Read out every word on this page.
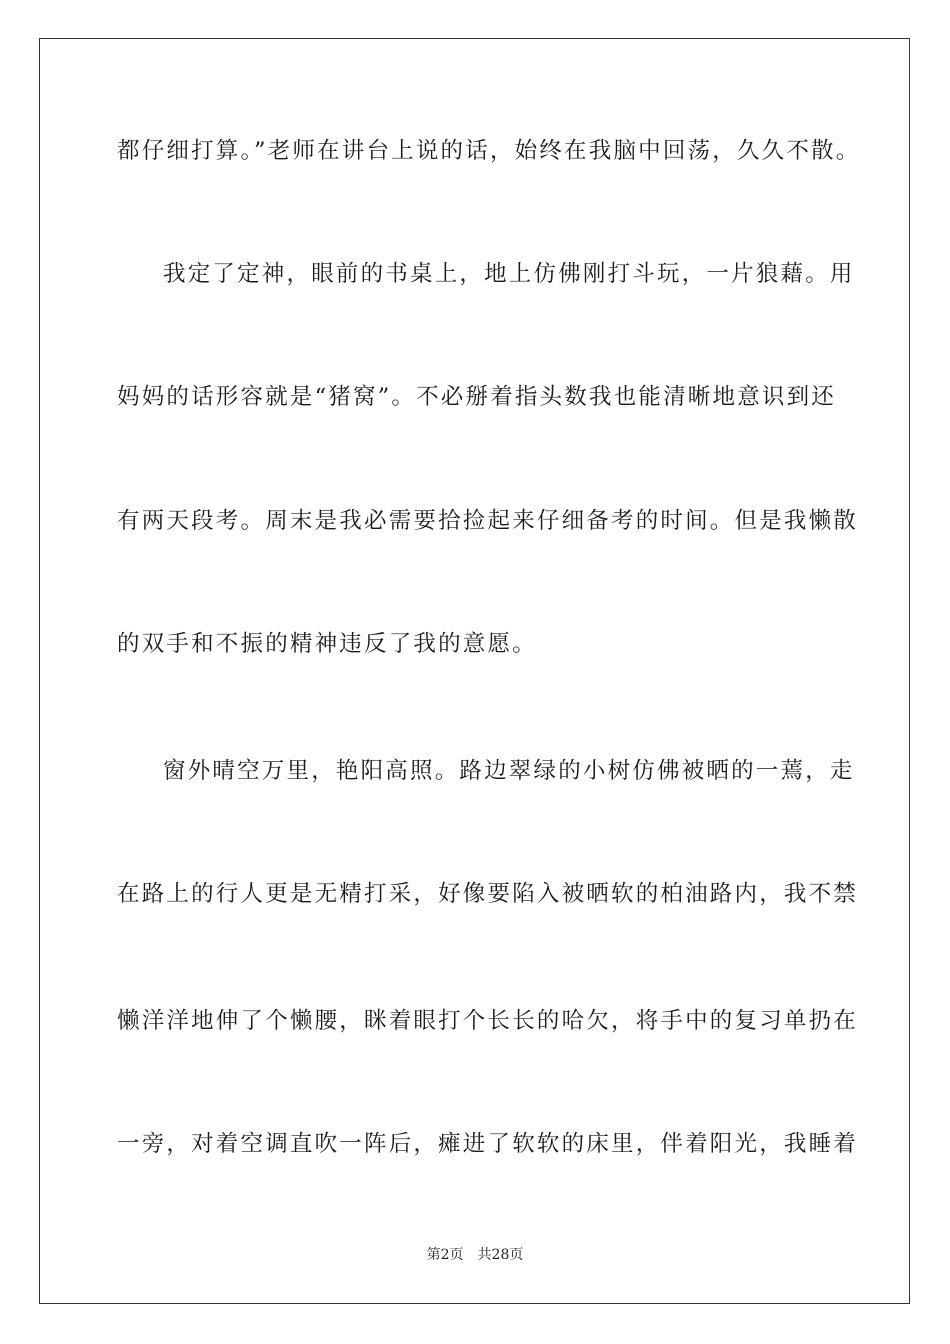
都仔细打算。”老师在讲台上说的话，始终在我脑中回荡，久久不散。
我定了定神，眼前的书桌上，地上仿佛刚打斗玩，一片狼藉。用
妈妈的话形容就是“猪窝”。不必掰着指头数我也能清晰地意识到还
有两天段考。周末是我必需要拾捡起来仔细备考的时间。但是我懒散
的双手和不振的精神违反了我的意愿。
窗外晴空万里，艳阳高照。路边翠绿的小树仿佛被晒的一蔫，走
在路上的行人更是无精打采，好像要陷入被晒软的柏油路内，我不禁
懒洋洋地伸了个懒腰，眯着眼打个长长的哈欠，将手中的复习单扔在
一旁，对着空调直吹一阵后，瘫进了软软的床里，伴着阳光，我睡着
第2页 共28页
